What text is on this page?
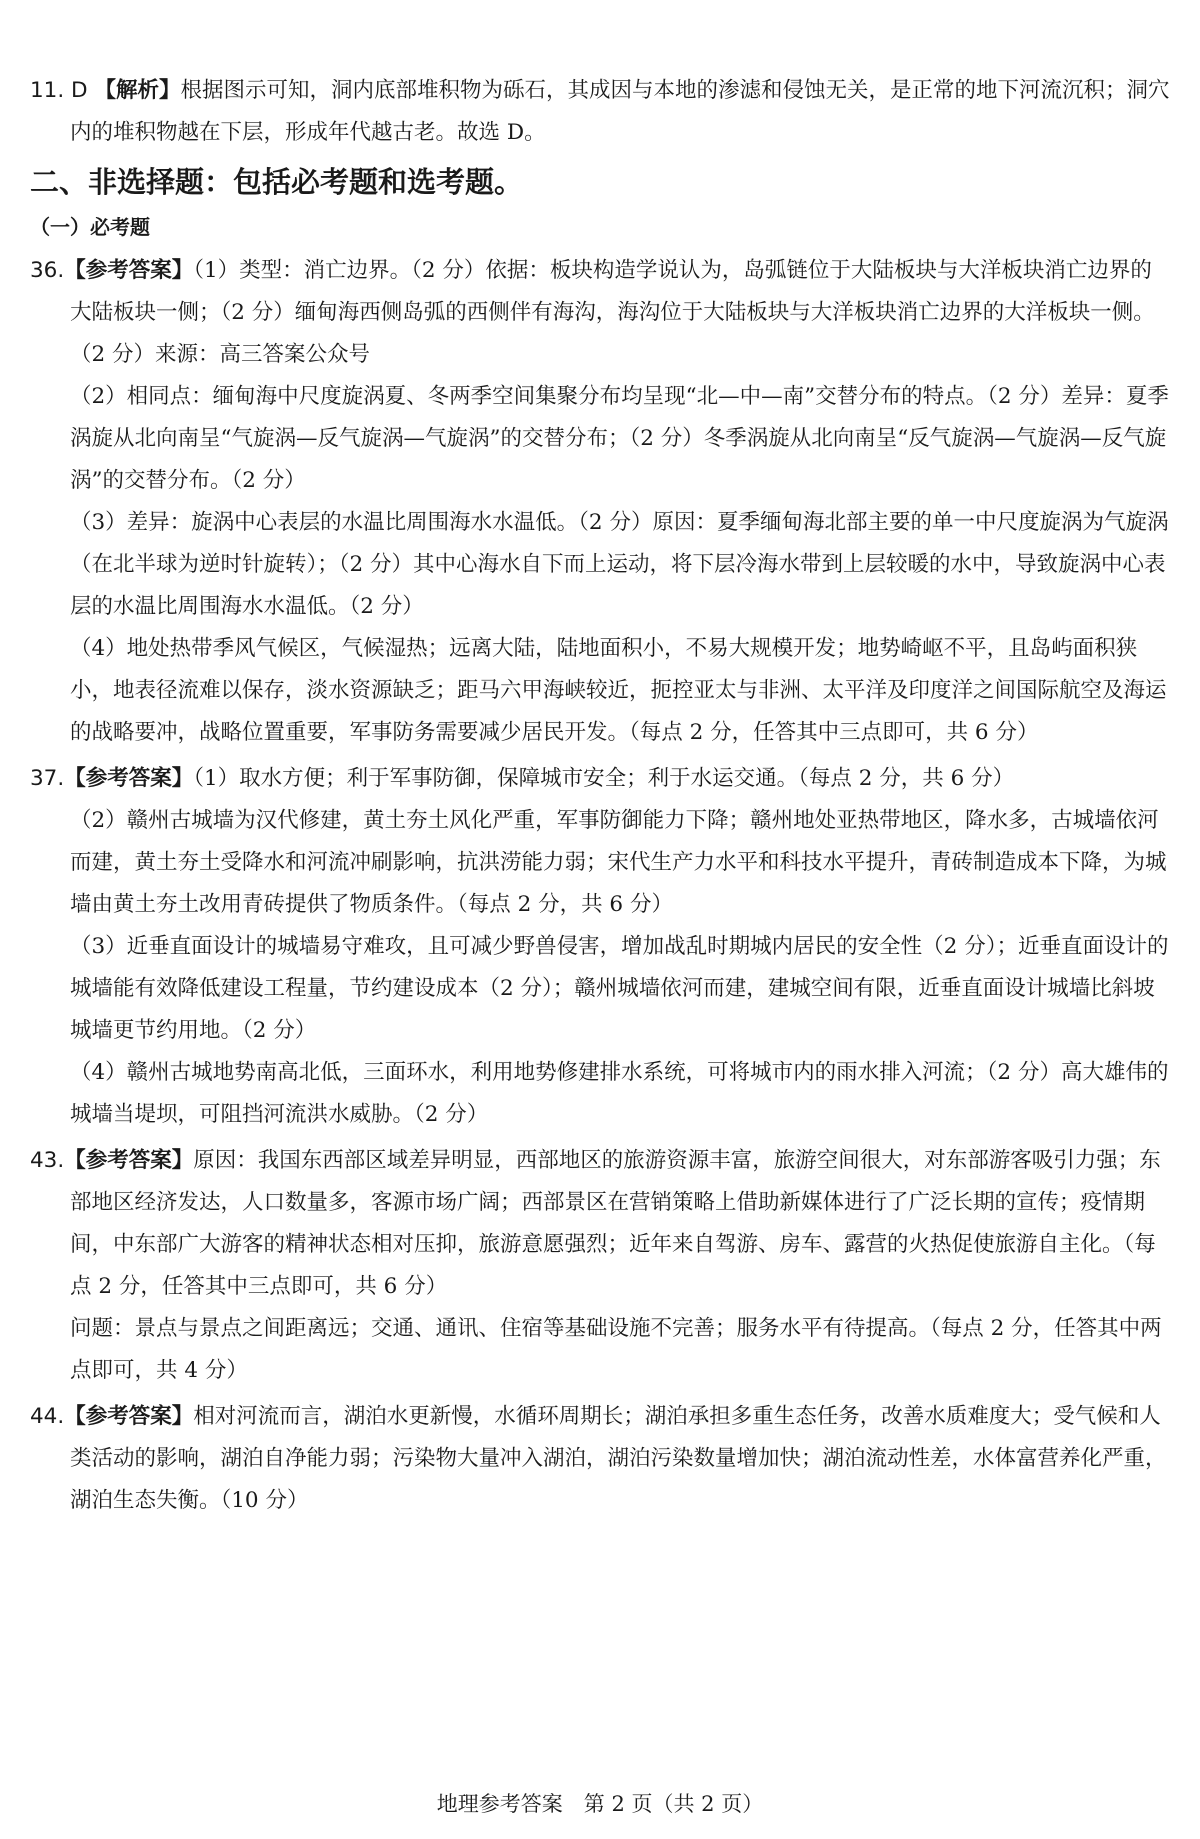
11. D 【解析】根据图示可知，洞内底部堆积物为砾石，其成因与本地的渗滤和侵蚀无关，是正常的地下河流沉积；洞穴内的堆积物越在下层，形成年代越古老。故选 D。
二、非选择题：包括必考题和选考题。
（一）必考题
36.【参考答案】（1）类型：消亡边界。（2 分）依据：板块构造学说认为，岛弧链位于大陆板块与大洋板块消亡边界的大陆板块一侧；（2 分）缅甸海西侧岛弧的西侧伴有海沟，海沟位于大陆板块与大洋板块消亡边界的大洋板块一侧。（2 分）来源：高三答案公众号
（2）相同点：缅甸海中尺度旋涡夏、冬两季空间集聚分布均呈现“北—中—南”交替分布的特点。（2 分）差异：夏季涡旋从北向南呈“气旋涡—反气旋涡—气旋涡”的交替分布；（2 分）冬季涡旋从北向南呈“反气旋涡—气旋涡—反气旋涡”的交替分布。（2 分）
（3）差异：旋涡中心表层的水温比周围海水水温低。（2 分）原因：夏季缅甸海北部主要的单一中尺度旋涡为气旋涡（在北半球为逆时针旋转）；（2 分）其中心海水自下而上运动，将下层冷海水带到上层较暖的水中，导致旋涡中心表层的水温比周围海水水温低。（2 分）
（4）地处热带季风气候区，气候湿热；远离大陆，陆地面积小，不易大规模开发；地势崎岖不平，且岛屿面积狭小，地表径流难以保存，淡水资源缺乏；距马六甲海峡较近，扼控亚太与非洲、太平洋及印度洋之间国际航空及海运的战略要冲，战略位置重要，军事防务需要减少居民开发。（每点 2 分，任答其中三点即可，共 6 分）
37.【参考答案】（1）取水方便；利于军事防御，保障城市安全；利于水运交通。（每点 2 分，共 6 分）
（2）赣州古城墙为汉代修建，黄土夯土风化严重，军事防御能力下降；赣州地处亚热带地区，降水多，古城墙依河而建，黄土夯土受降水和河流冲刷影响，抗洪涝能力弱；宋代生产力水平和科技水平提升，青砖制造成本下降，为城墙由黄土夯土改用青砖提供了物质条件。（每点 2 分，共 6 分）
（3）近垂直面设计的城墙易守难攻，且可减少野兽侵害，增加战乱时期城内居民的安全性（2 分）；近垂直面设计的城墙能有效降低建设工程量，节约建设成本（2 分）；赣州城墙依河而建，建城空间有限，近垂直面设计城墙比斜坡城墙更节约用地。（2 分）
（4）赣州古城地势南高北低，三面环水，利用地势修建排水系统，可将城市内的雨水排入河流；（2 分）高大雄伟的城墙当堤坝，可阻挡河流洪水威胁。（2 分）
43.【参考答案】原因：我国东西部区域差异明显，西部地区的旅游资源丰富，旅游空间很大，对东部游客吸引力强；东部地区经济发达，人口数量多，客源市场广阔；西部景区在营销策略上借助新媒体进行了广泛长期的宣传；疫情期间，中东部广大游客的精神状态相对压抑，旅游意愿强烈；近年来自驾游、房车、露营的火热促使旅游自主化。（每点 2 分，任答其中三点即可，共 6 分）
问题：景点与景点之间距离远；交通、通讯、住宿等基础设施不完善；服务水平有待提高。（每点 2 分，任答其中两点即可，共 4 分）
44.【参考答案】相对河流而言，湖泊水更新慢，水循环周期长；湖泊承担多重生态任务，改善水质难度大；受气候和人类活动的影响，湖泊自净能力弱；污染物大量冲入湖泊，湖泊污染数量增加快；湖泊流动性差，水体富营养化严重，湖泊生态失衡。（10 分）
地理参考答案　第 2 页（共 2 页）
